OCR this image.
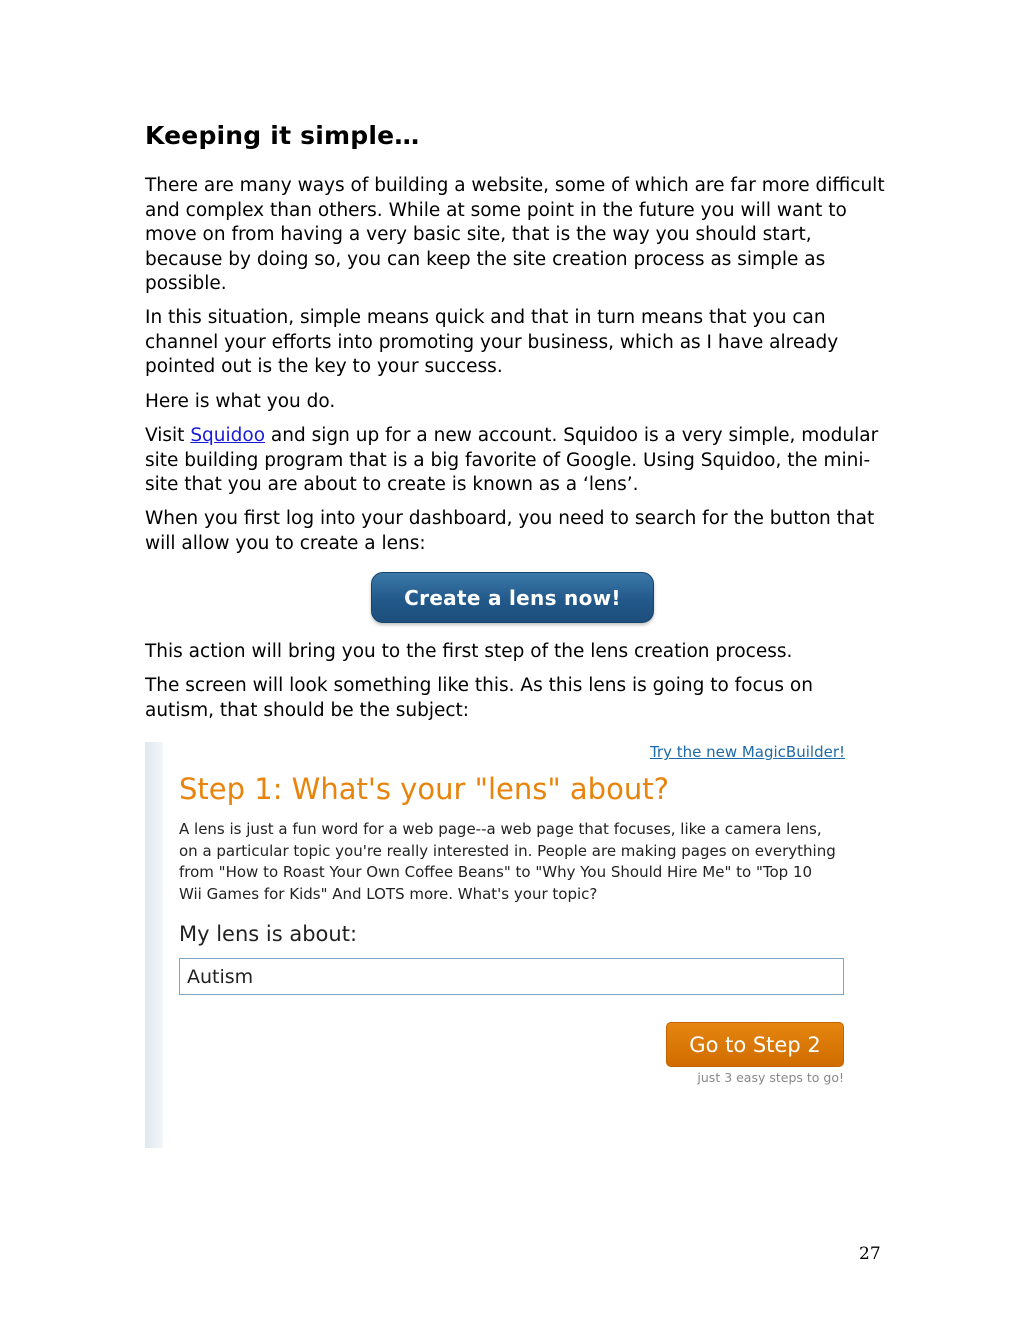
Keeping it simple…

There are many ways of building a website, some of which are far more difficult and complex than others. While at some point in the future you will want to move on from having a very basic site, that is the way you should start, because by doing so, you can keep the site creation process as simple as possible.

In this situation, simple means quick and that in turn means that you can channel your efforts into promoting your business, which as I have already pointed out is the key to your success.

Here is what you do.

Visit Squidoo and sign up for a new account. Squidoo is a very simple, modular site building program that is a big favorite of Google. Using Squidoo, the mini-site that you are about to create is known as a ‘lens’.

When you first log into your dashboard, you need to search for the button that will allow you to create a lens:

Create a lens now!

This action will bring you to the first step of the lens creation process.

The screen will look something like this. As this lens is going to focus on autism, that should be the subject:

Try the new MagicBuilder!
Step 1: What's your "lens" about?

A lens is just a fun word for a web page--a web page that focuses, like a camera lens, on a particular topic you're really interested in. People are making pages on everything from "How to Roast Your Own Coffee Beans" to "Why You Should Hire Me" to "Top 10 Wii Games for Kids" And LOTS more. What's your topic?

My lens is about:
Autism
Go to Step 2
just 3 easy steps to go!
27
